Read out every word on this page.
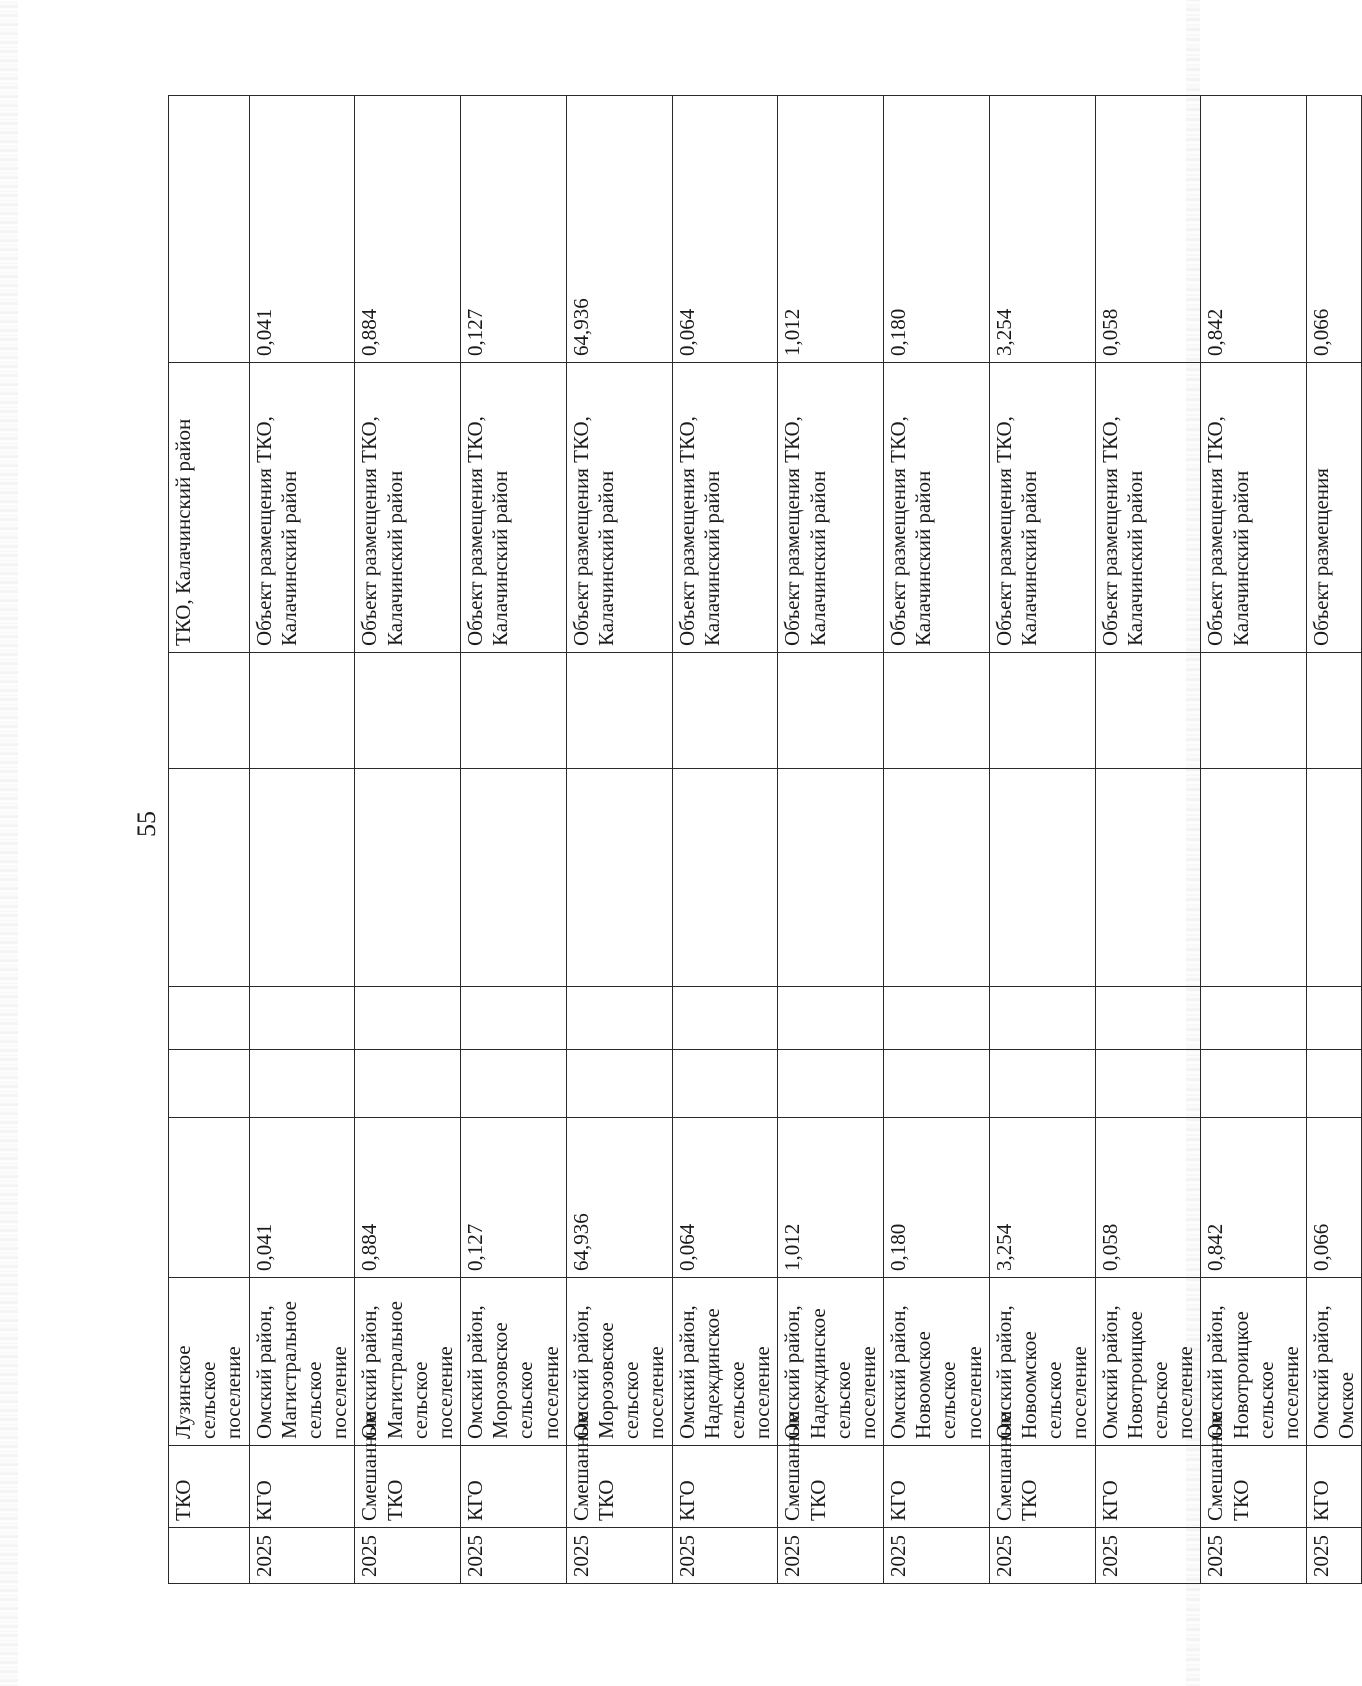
55
	ТКО	Лузинское сельское поселение						ТКО, Калачинский район	
2025	КГО	Омский район, Магистральное сельское поселение	0,041					Объект размещения ТКО, Калачинский район	0,041
2025	Смешанные ТКО	Омский район, Магистральное сельское поселение	0,884					Объект размещения ТКО, Калачинский район	0,884
2025	КГО	Омский район, Морозовское сельское поселение	0,127					Объект размещения ТКО, Калачинский район	0,127
2025	Смешанные ТКО	Омский район, Морозовское сельское поселение	64,936					Объект размещения ТКО, Калачинский район	64,936
2025	КГО	Омский район, Надеждинское сельское поселение	0,064					Объект размещения ТКО, Калачинский район	0,064
2025	Смешанные ТКО	Омский район, Надеждинское сельское поселение	1,012					Объект размещения ТКО, Калачинский район	1,012
2025	КГО	Омский район, Новоомское сельское поселение	0,180					Объект размещения ТКО, Калачинский район	0,180
2025	Смешанные ТКО	Омский район, Новоомское сельское поселение	3,254					Объект размещения ТКО, Калачинский район	3,254
2025	КГО	Омский район, Новотроицкое сельское поселение	0,058					Объект размещения ТКО, Калачинский район	0,058
2025	Смешанные ТКО	Омский район, Новотроицкое сельское поселение	0,842					Объект размещения ТКО, Калачинский район	0,842
2025	КГО	Омский район, Омское	0,066					Объект размещения	0,066
